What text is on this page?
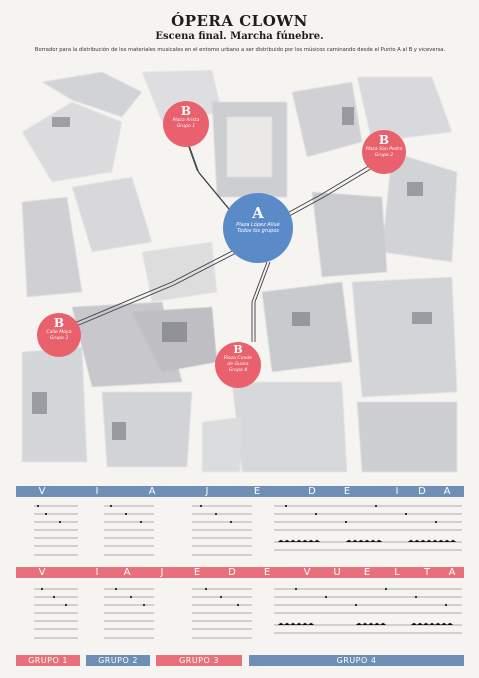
ÓPERA CLOWN
Escena final. Marcha fúnebre.
Borrador para la distribución de los materiales musicales en el entorno urbano a ser distribuido por los músicos caminando desde el Punto A al B y viceversa.
B
Plaza Arista
Grupo 1
B
Plaza San Pedro
Grupo 2
A
Plaza López Allué
Todos los grupos
B
Calle Moya
Grupo 3
B
Plaza Conde
de Guara
Grupo 4
V	I	A	J	E	D	E	I	D A
V	I	A	J	E	D	E	V U E	L	T A
GRUPO 1	GRUPO 2	GRUPO 3	GRUPO 4
